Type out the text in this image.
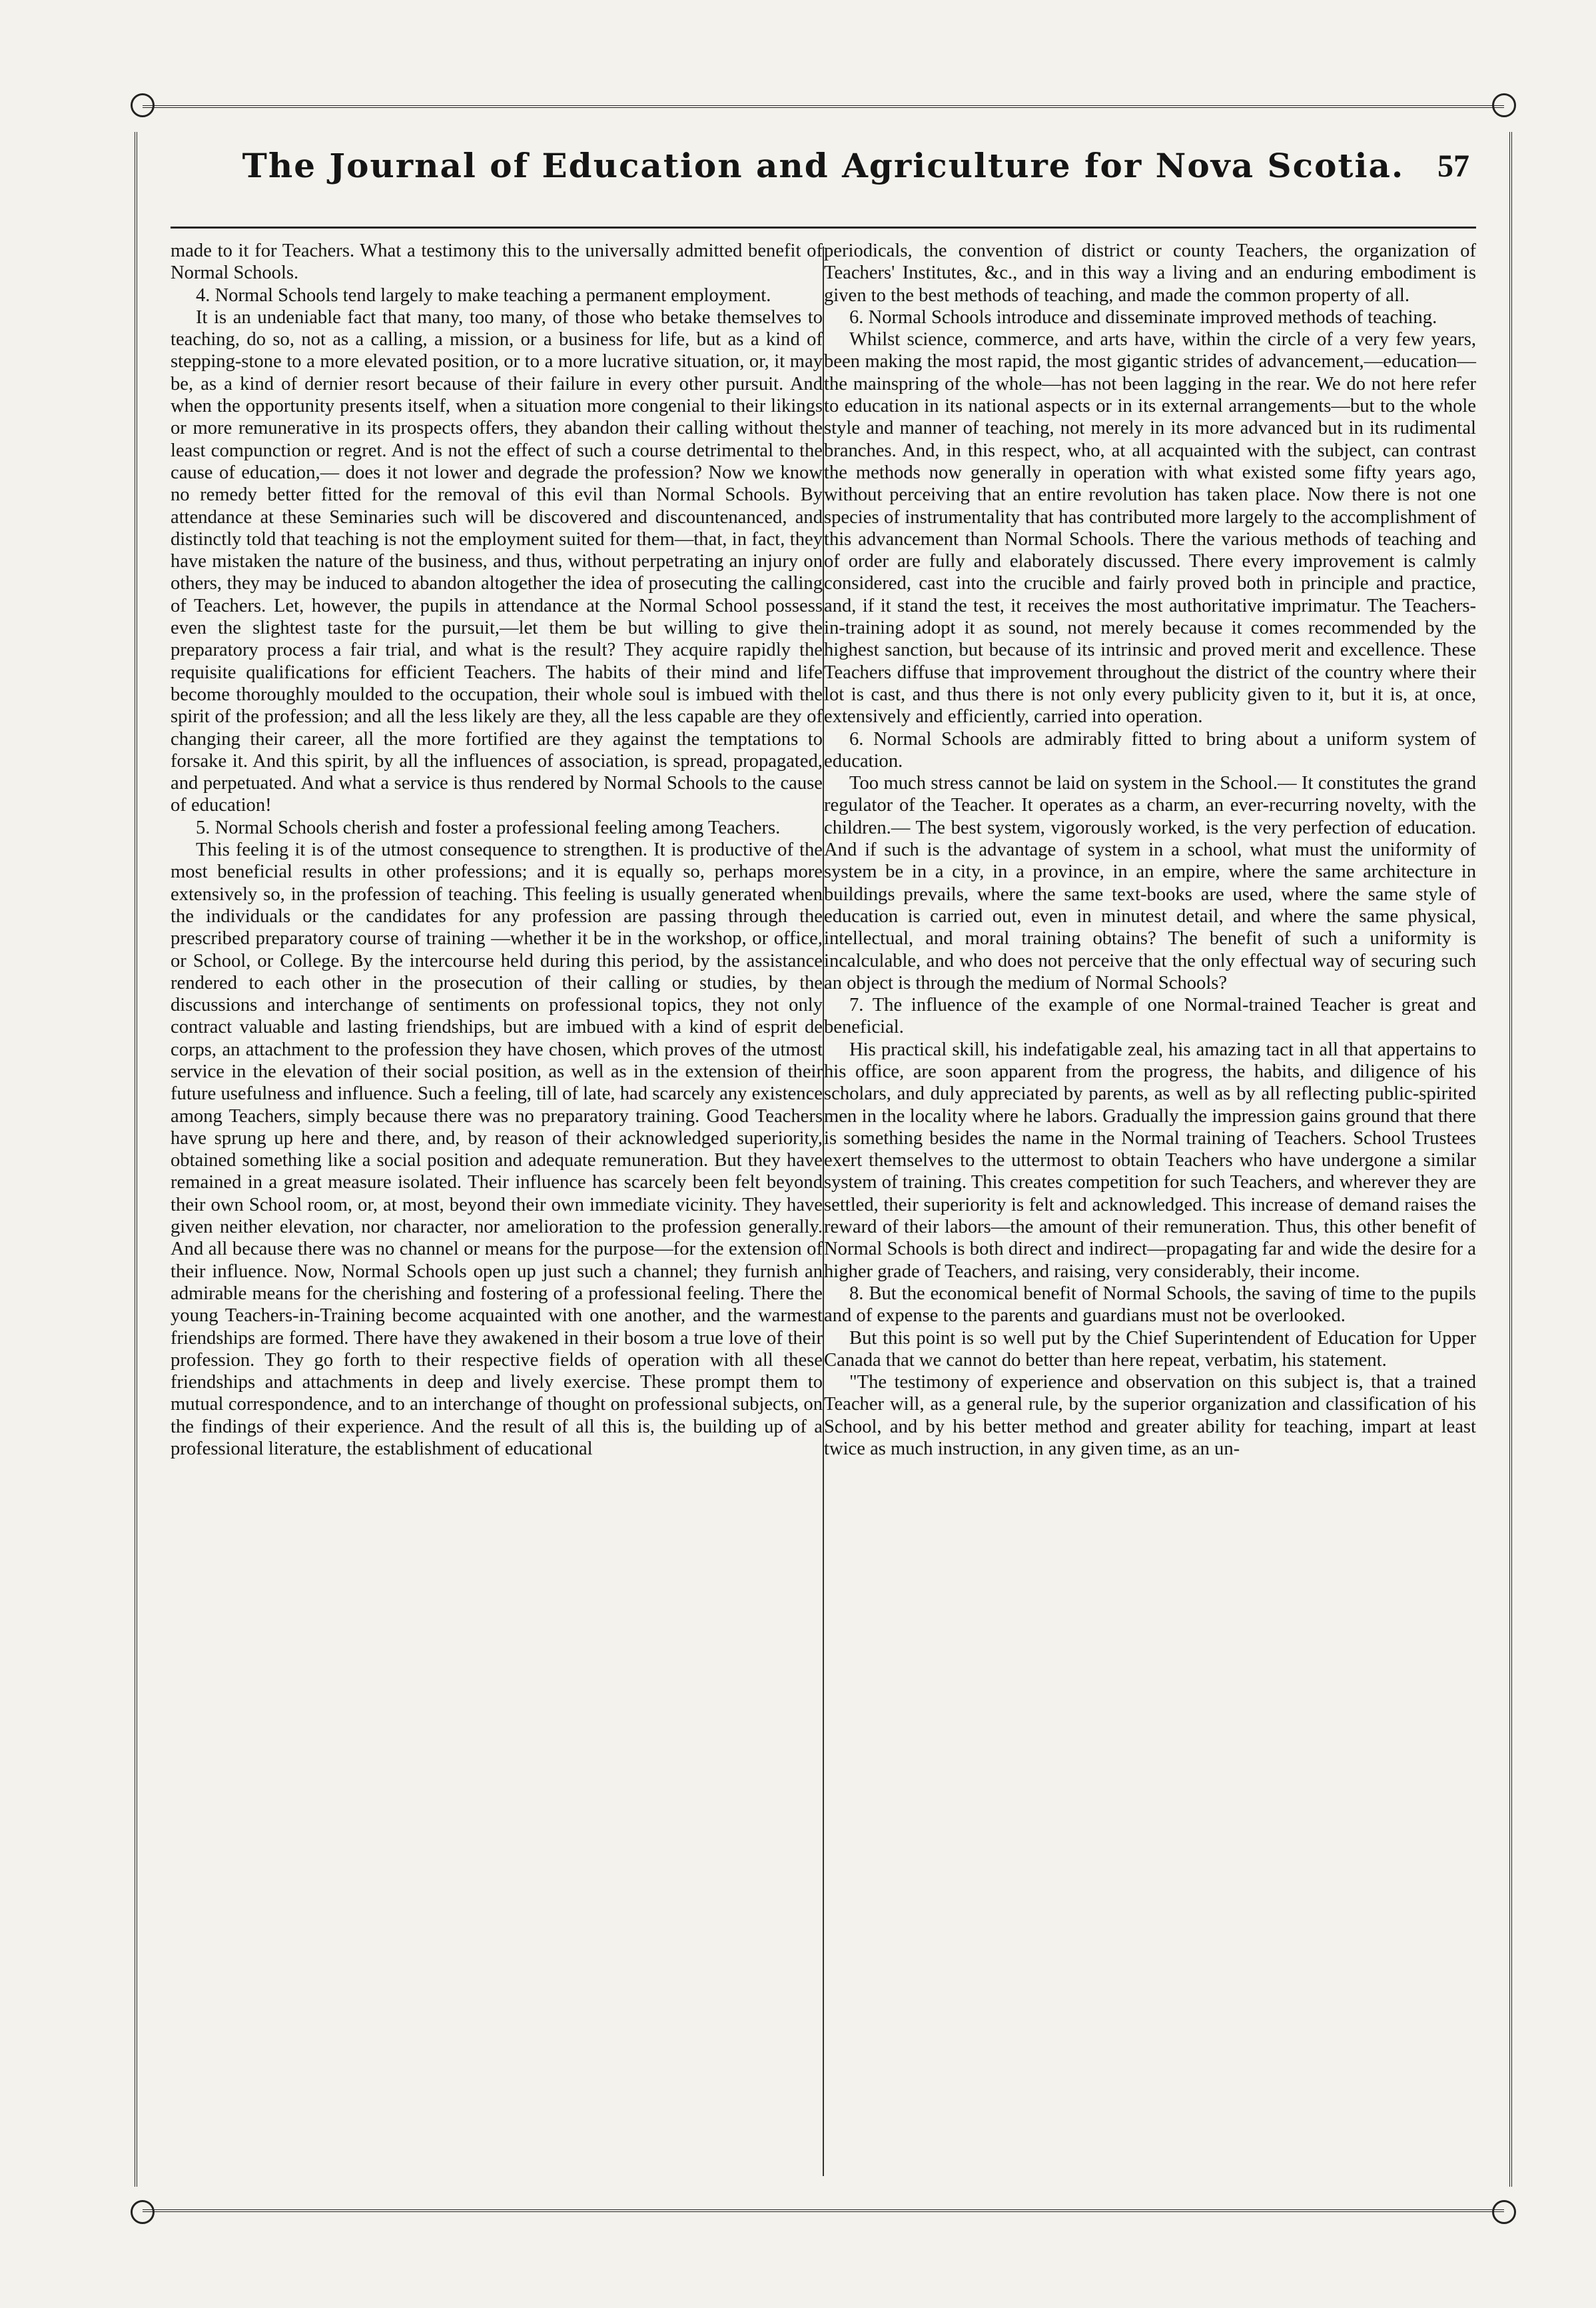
The Journal of Education and Agriculture for Nova Scotia. 57

made to it for Teachers. What a testimony this to the universally admitted benefit of Normal Schools.

4. Normal Schools tend largely to make teaching a permanent employment.

It is an undeniable fact that many, too many, of those who betake themselves to teaching, do so, not as a calling, a mission, or a business for life, but as a kind of stepping-stone to a more elevated position, or to a more lucrative situation, or, it may be, as a kind of dernier resort because of their failure in every other pursuit. And when the opportunity presents itself, when a situation more congenial to their likings or more remunerative in its prospects offers, they abandon their calling without the least compunction or regret. And is not the effect of such a course detrimental to the cause of education,— does it not lower and degrade the profession? Now we know no remedy better fitted for the removal of this evil than Normal Schools. By attendance at these Seminaries such will be discovered and discountenanced, and distinctly told that teaching is not the employment suited for them—that, in fact, they have mistaken the nature of the business, and thus, without perpetrating an injury on others, they may be induced to abandon altogether the idea of prosecuting the calling of Teachers. Let, however, the pupils in attendance at the Normal School possess even the slightest taste for the pursuit,—let them be but willing to give the preparatory process a fair trial, and what is the result? They acquire rapidly the requisite qualifications for efficient Teachers. The habits of their mind and life become thoroughly moulded to the occupation, their whole soul is imbued with the spirit of the profession; and all the less likely are they, all the less capable are they of changing their career, all the more fortified are they against the temptations to forsake it. And this spirit, by all the influences of association, is spread, propagated, and perpetuated. And what a service is thus rendered by Normal Schools to the cause of education!

5. Normal Schools cherish and foster a professional feeling among Teachers.

This feeling it is of the utmost consequence to strengthen. It is productive of the most beneficial results in other professions; and it is equally so, perhaps more extensively so, in the profession of teaching. This feeling is usually generated when the individuals or the candidates for any profession are passing through the prescribed preparatory course of training —whether it be in the workshop, or office, or School, or College. By the intercourse held during this period, by the assistance rendered to each other in the prosecution of their calling or studies, by the discussions and interchange of sentiments on professional topics, they not only contract valuable and lasting friendships, but are imbued with a kind of esprit de corps, an attachment to the profession they have chosen, which proves of the utmost service in the elevation of their social position, as well as in the extension of their future usefulness and influence. Such a feeling, till of late, had scarcely any existence among Teachers, simply because there was no preparatory training. Good Teachers have sprung up here and there, and, by reason of their acknowledged superiority, obtained something like a social position and adequate remuneration. But they have remained in a great measure isolated. Their influence has scarcely been felt beyond their own School room, or, at most, beyond their own immediate vicinity. They have given neither elevation, nor character, nor amelioration to the profession generally. And all because there was no channel or means for the purpose—for the extension of their influence. Now, Normal Schools open up just such a channel; they furnish an admirable means for the cherishing and fostering of a professional feeling. There the young Teachers-in-Training become acquainted with one another, and the warmest friendships are formed. There have they awakened in their bosom a true love of their profession. They go forth to their respective fields of operation with all these friendships and attachments in deep and lively exercise. These prompt them to mutual correspondence, and to an interchange of thought on professional subjects, on the findings of their experience. And the result of all this is, the building up of a professional literature, the establishment of educational

periodicals, the convention of district or county Teachers, the organization of Teachers' Institutes, &c., and in this way a living and an enduring embodiment is given to the best methods of teaching, and made the common property of all.

6. Normal Schools introduce and disseminate improved methods of teaching.

Whilst science, commerce, and arts have, within the circle of a very few years, been making the most rapid, the most gigantic strides of advancement,—education—the mainspring of the whole—has not been lagging in the rear. We do not here refer to education in its national aspects or in its external arrangements—but to the whole style and manner of teaching, not merely in its more advanced but in its rudimental branches. And, in this respect, who, at all acquainted with the subject, can contrast the methods now generally in operation with what existed some fifty years ago, without perceiving that an entire revolution has taken place. Now there is not one species of instrumentality that has contributed more largely to the accomplishment of this advancement than Normal Schools. There the various methods of teaching and of order are fully and elaborately discussed. There every improvement is calmly considered, cast into the crucible and fairly proved both in principle and practice, and, if it stand the test, it receives the most authoritative imprimatur. The Teachers-in-training adopt it as sound, not merely because it comes recommended by the highest sanction, but because of its intrinsic and proved merit and excellence. These Teachers diffuse that improvement throughout the district of the country where their lot is cast, and thus there is not only every publicity given to it, but it is, at once, extensively and efficiently, carried into operation.

6. Normal Schools are admirably fitted to bring about a uniform system of education.

Too much stress cannot be laid on system in the School.— It constitutes the grand regulator of the Teacher. It operates as a charm, an ever-recurring novelty, with the children.— The best system, vigorously worked, is the very perfection of education. And if such is the advantage of system in a school, what must the uniformity of system be in a city, in a province, in an empire, where the same architecture in buildings prevails, where the same text-books are used, where the same style of education is carried out, even in minutest detail, and where the same physical, intellectual, and moral training obtains? The benefit of such a uniformity is incalculable, and who does not perceive that the only effectual way of securing such an object is through the medium of Normal Schools?

7. The influence of the example of one Normal-trained Teacher is great and beneficial.

His practical skill, his indefatigable zeal, his amazing tact in all that appertains to his office, are soon apparent from the progress, the habits, and diligence of his scholars, and duly appreciated by parents, as well as by all reflecting public-spirited men in the locality where he labors. Gradually the impression gains ground that there is something besides the name in the Normal training of Teachers. School Trustees exert themselves to the uttermost to obtain Teachers who have undergone a similar system of training. This creates competition for such Teachers, and wherever they are settled, their superiority is felt and acknowledged. This increase of demand raises the reward of their labors—the amount of their remuneration. Thus, this other benefit of Normal Schools is both direct and indirect—propagating far and wide the desire for a higher grade of Teachers, and raising, very considerably, their income.

8. But the economical benefit of Normal Schools, the saving of time to the pupils and of expense to the parents and guardians must not be overlooked.

But this point is so well put by the Chief Superintendent of Education for Upper Canada that we cannot do better than here repeat, verbatim, his statement.

"The testimony of experience and observation on this subject is, that a trained Teacher will, as a general rule, by the superior organization and classification of his School, and by his better method and greater ability for teaching, impart at least twice as much instruction, in any given time, as an un-
